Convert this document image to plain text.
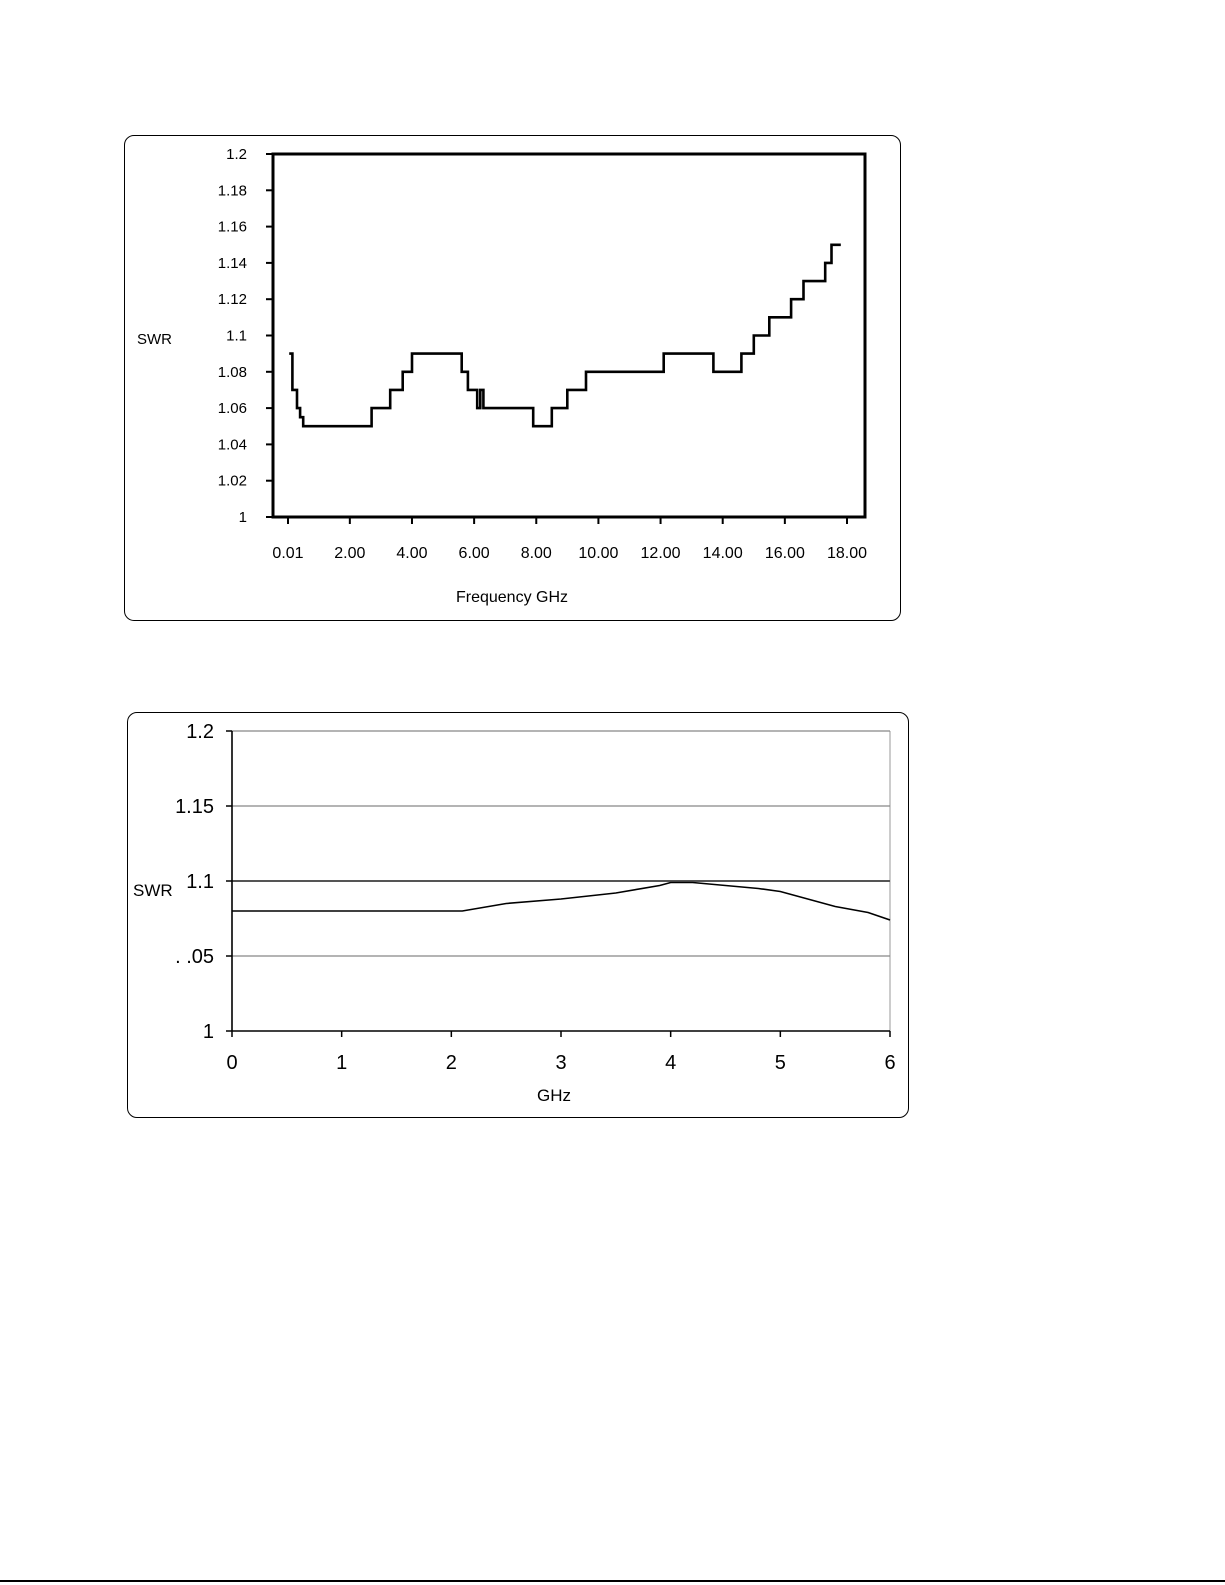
1
1.02
1.04
1.06
1.08
1.1
1.12
1.14
1.16
1.18
1.2
0.01 2.00 4.00 6.00 8.00 10.00 12.00 14.00 16.00 18.00
SWR
Frequency GHz
1
. .05
1.1
1.15
1.2
0	1	2	3	4	5	6
SWR
GHz
